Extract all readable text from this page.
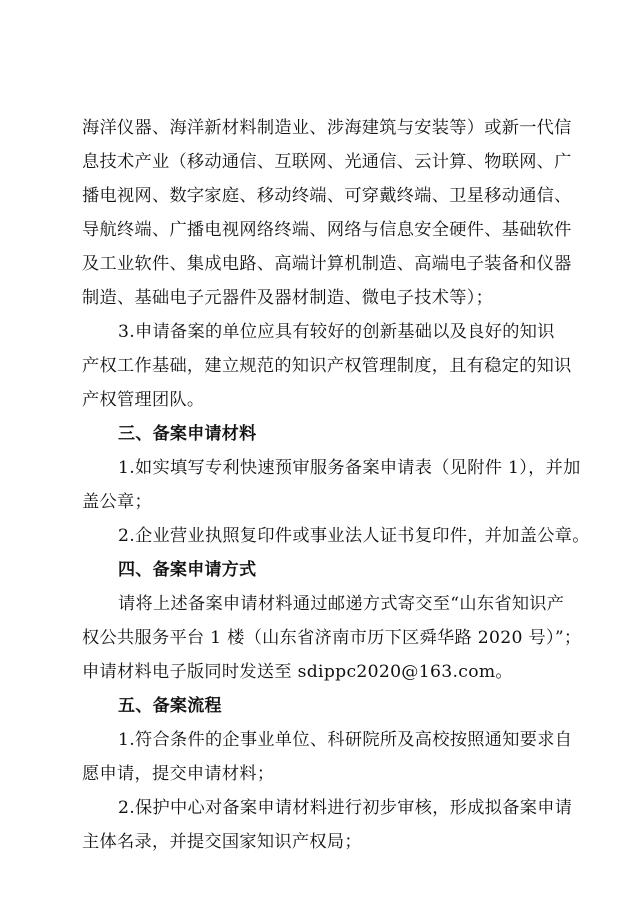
海洋仪器、海洋新材料制造业、涉海建筑与安装等）或新一代信
息技术产业（移动通信、互联网、光通信、云计算、物联网、广
播电视网、数字家庭、移动终端、可穿戴终端、卫星移动通信、
导航终端、广播电视网络终端、网络与信息安全硬件、基础软件
及工业软件、集成电路、高端计算机制造、高端电子装备和仪器
制造、基础电子元器件及器材制造、微电子技术等）；
3.申请备案的单位应具有较好的创新基础以及良好的知识
产权工作基础，建立规范的知识产权管理制度，且有稳定的知识
产权管理团队。
三、备案申请材料
1.如实填写专利快速预审服务备案申请表（见附件 1），并加
盖公章；
2.企业营业执照复印件或事业法人证书复印件，并加盖公章。
四、备案申请方式
请将上述备案申请材料通过邮递方式寄交至“山东省知识产
权公共服务平台 1 楼（山东省济南市历下区舜华路 2020 号）”；
申请材料电子版同时发送至 sdippc2020@163.com。
五、备案流程
1.符合条件的企事业单位、科研院所及高校按照通知要求自
愿申请，提交申请材料；
2.保护中心对备案申请材料进行初步审核，形成拟备案申请
主体名录，并提交国家知识产权局；
